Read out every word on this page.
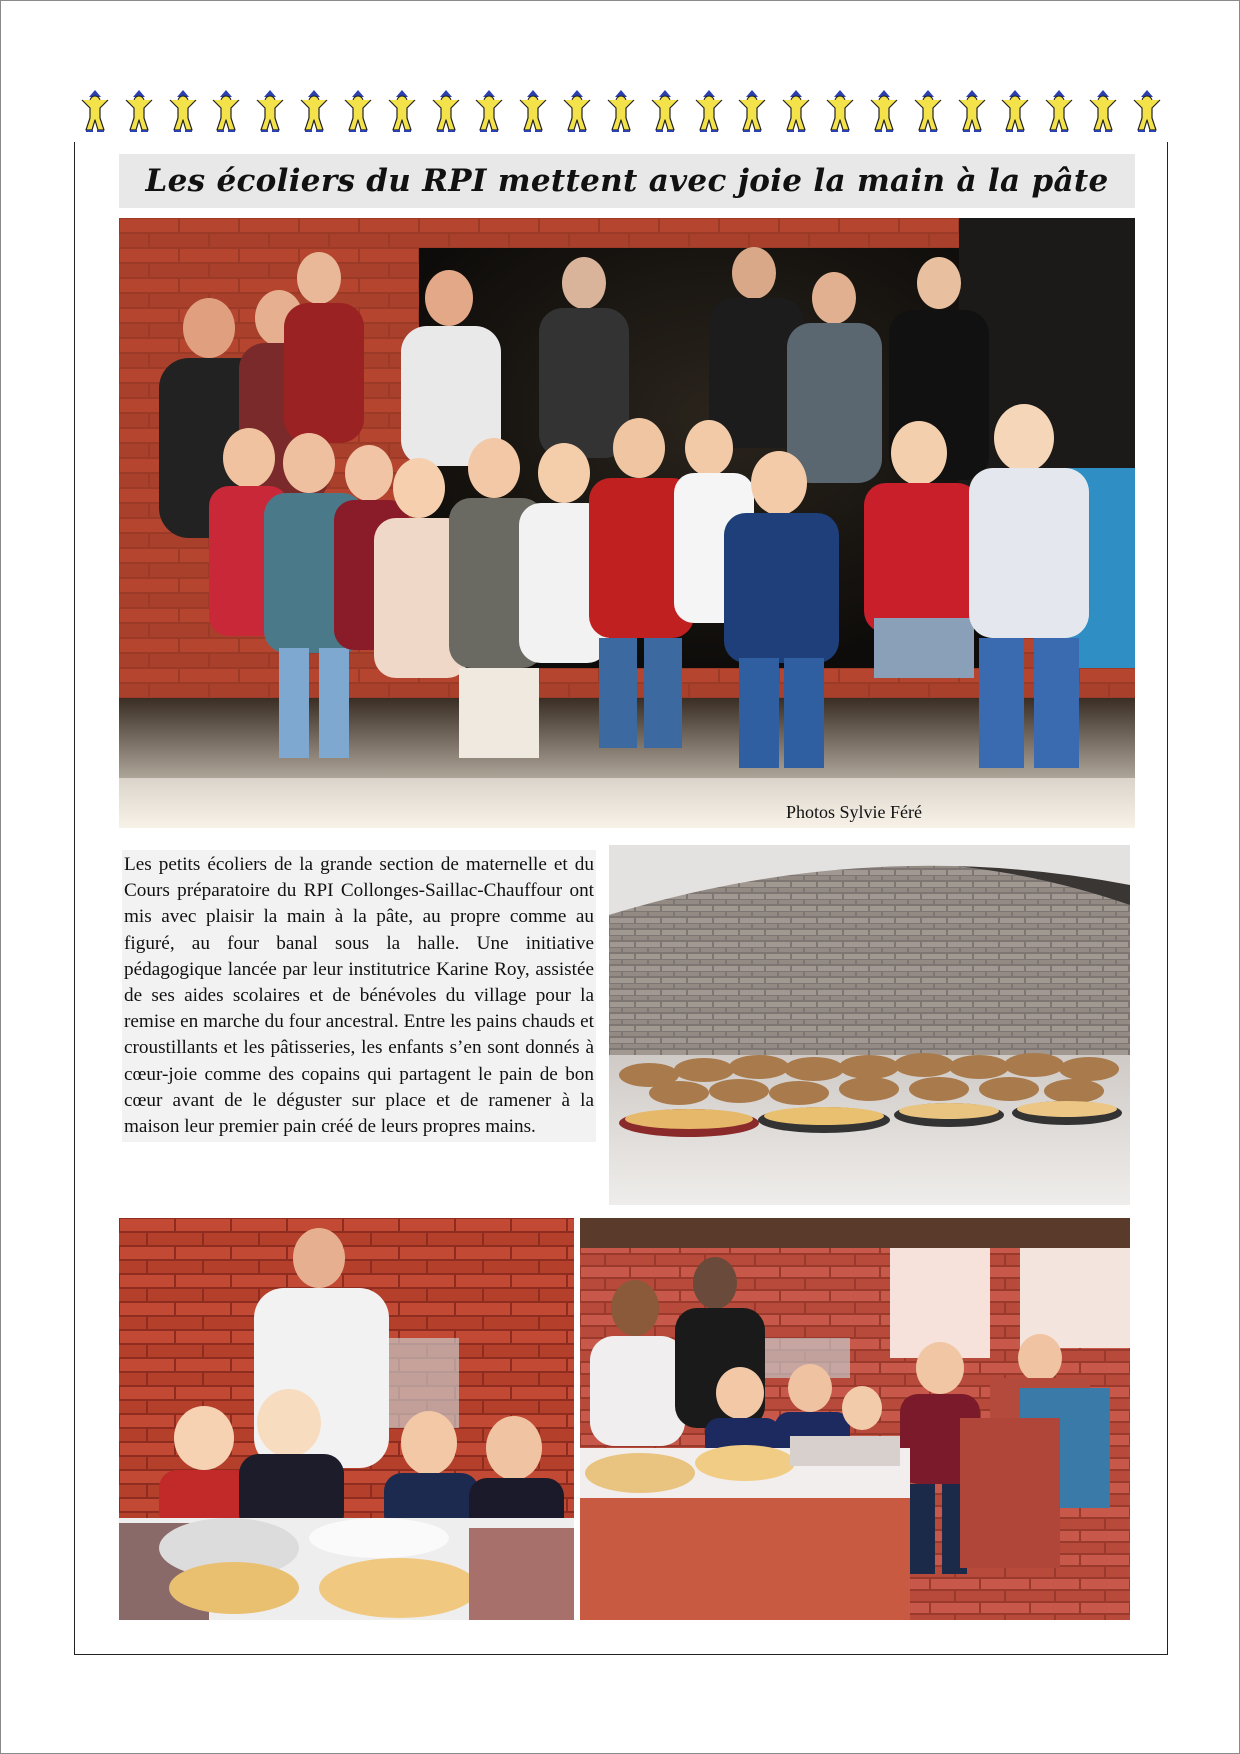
Les écoliers du RPI mettent avec joie la main à la pâte
Photos Sylvie Féré
Les petits écoliers de la grande section de maternelle et du Cours préparatoire du RPI Collonges-Saillac-Chauffour ont mis avec plaisir la main à la pâte, au propre comme au figuré, au four banal sous la halle. Une initiative pédagogique lancée par leur institutrice Karine Roy, assistée de ses aides scolaires et de bénévoles du village pour la remise en marche du four ancestral. Entre les pains chauds et croustillants et les pâtisseries, les enfants s’en sont donnés à cœur-joie comme des copains qui partagent le pain de bon cœur avant de le déguster sur place et de ramener à la maison leur premier pain créé de leurs propres mains.
